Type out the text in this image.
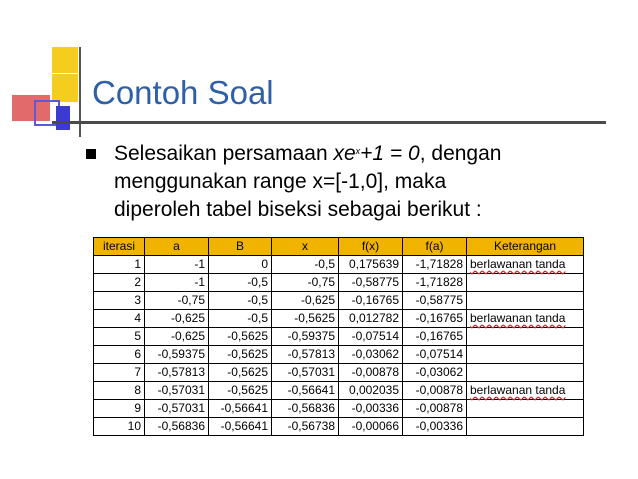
Contoh Soal
Selesaikan persamaan $xe^x+1 = 0$, dengan
menggunakan range x=[-1,0], maka
diperoleh tabel biseksi sebagai berikut :
iterasi	a	B	x	f(x)	f(a)	Keterangan
1	-1	0	-0,5	0,175639	-1,71828	berlawanan tanda
2	-1	-0,5	-0,75	-0,58775	-1,71828	
3	-0,75	-0,5	-0,625	-0,16765	-0,58775	
4	-0,625	-0,5	-0,5625	0,012782	-0,16765	berlawanan tanda
5	-0,625	-0,5625	-0,59375	-0,07514	-0,16765	
6	-0,59375	-0,5625	-0,57813	-0,03062	-0,07514	
7	-0,57813	-0,5625	-0,57031	-0,00878	-0,03062	
8	-0,57031	-0,5625	-0,56641	0,002035	-0,00878	berlawanan tanda
9	-0,57031	-0,56641	-0,56836	-0,00336	-0,00878	
10	-0,56836	-0,56641	-0,56738	-0,00066	-0,00336	
